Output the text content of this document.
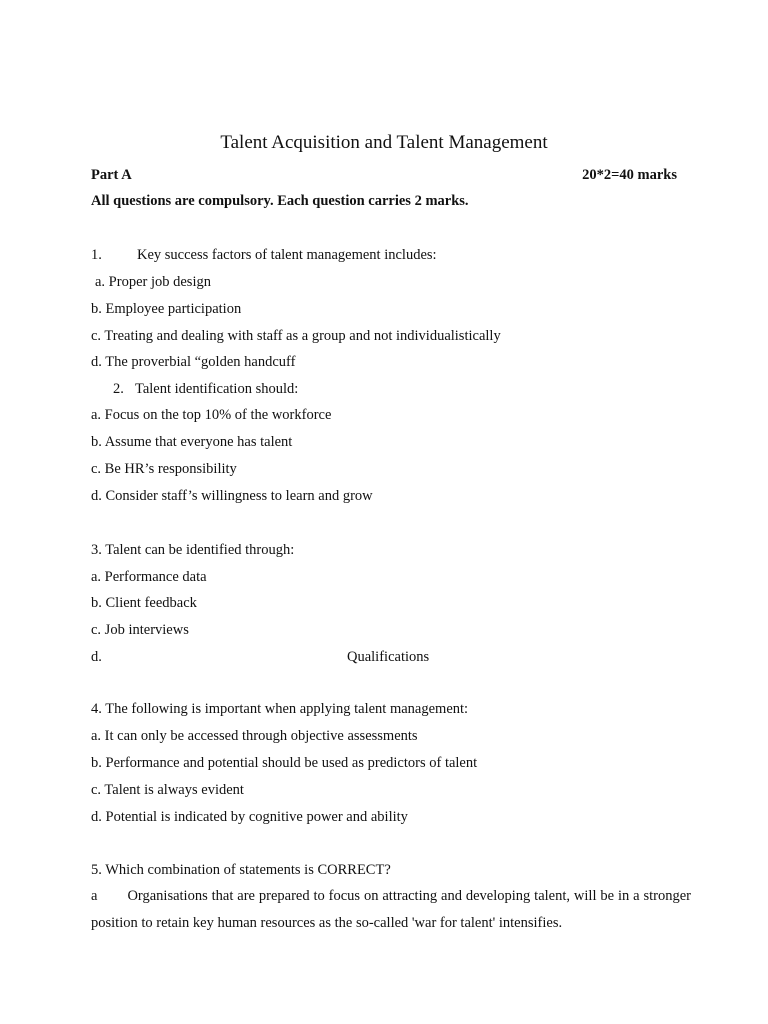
Talent Acquisition and Talent Management
Part A	20*2=40 marks
All questions are compulsory. Each question carries 2 marks.
1. Key success factors of talent management includes:
a. Proper job design
b. Employee participation
c. Treating and dealing with staff as a group and not individualistically
d. The proverbial “golden handcuff
2. Talent identification should:
a. Focus on the top 10% of the workforce
b. Assume that everyone has talent
c. Be HR’s responsibility
d. Consider staff’s willingness to learn and grow
3. Talent can be identified through:
a. Performance data
b. Client feedback
c. Job interviews
d.	Qualifications
4. The following is important when applying talent management:
a. It can only be accessed through objective assessments
b. Performance and potential should be used as predictors of talent
c. Talent is always evident
d. Potential is indicated by cognitive power and ability
5. Which combination of statements is CORRECT?
a Organisations that are prepared to focus on attracting and developing talent, will be in a stronger position to retain key human resources as the so-called 'war for talent' intensifies.
